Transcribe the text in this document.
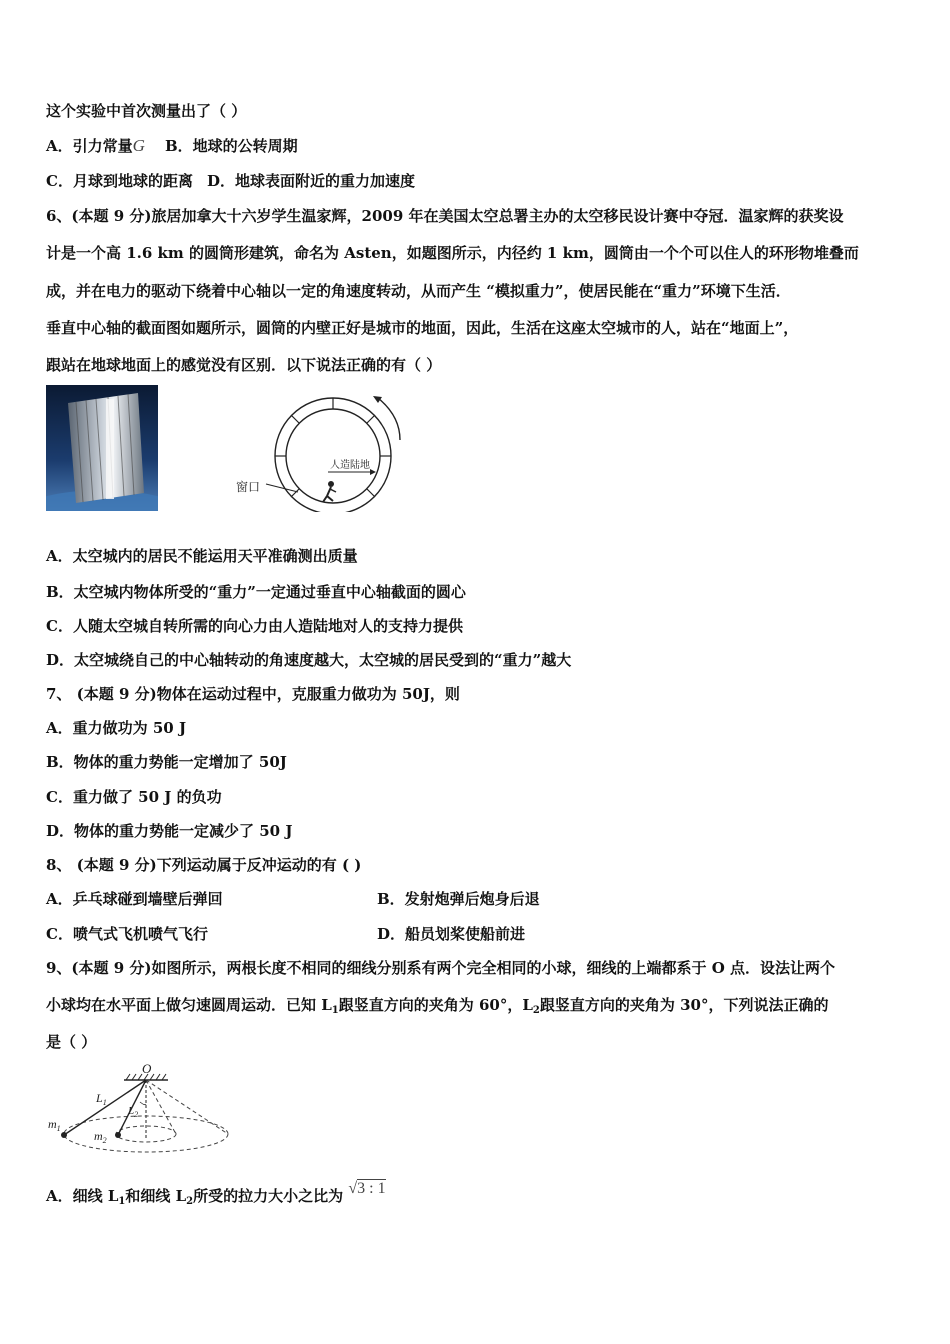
这个实验中首次测量出了（ ）
A．引力常量G B．地球的公转周期
C．月球到地球的距离 D．地球表面附近的重力加速度
6、(本题 9 分)旅居加拿大十六岁学生温家辉，2009 年在美国太空总署主办的太空移民设计赛中夺冠．温家辉的获奖设
计是一个高 1.6 km 的圆筒形建筑，命名为 Asten，如题图所示，内径约 1 km，圆筒由一个个可以住人的环形物堆叠而
成，并在电力的驱动下绕着中心轴以一定的角速度转动，从而产生 “模拟重力”，使居民能在“重力”环境下生活．
垂直中心轴的截面图如题所示，圆筒的内壁正好是城市的地面，因此，生活在这座太空城市的人，站在“地面上”，
跟站在地球地面上的感觉没有区别．以下说法正确的有（ ）
人造陆地
窗口
A．太空城内的居民不能运用天平准确测出质量
B．太空城内物体所受的“重力”一定通过垂直中心轴截面的圆心
C．人随太空城自转所需的向心力由人造陆地对人的支持力提供
D．太空城绕自己的中心轴转动的角速度越大，太空城的居民受到的“重力”越大
7、 (本题 9 分)物体在运动过程中，克服重力做功为 50J，则
A．重力做功为 50 J
B．物体的重力势能一定增加了 50J
C．重力做了 50 J 的负功
D．物体的重力势能一定减少了 50 J
8、 (本题 9 分)下列运动属于反冲运动的有 ( )
A．乒乓球碰到墙壁后弹回	B．发射炮弹后炮身后退
C．喷气式飞机喷气飞行	D．船员划桨使船前进
9、(本题 9 分)如图所示，两根长度不相同的细线分别系有两个完全相同的小球，细线的上端都系于 O 点．设法让两个
小球均在水平面上做匀速圆周运动．已知 $L_1$跟竖直方向的夹角为 60°，$L_2$跟竖直方向的夹角为 30°，下列说法正确的
是（ ）
O
$L_1$
$L_2$
$m_1$
$m_2$
A．细线 $L_1$和细线 $L_2$所受的拉力大小之比为 √3 : 1
